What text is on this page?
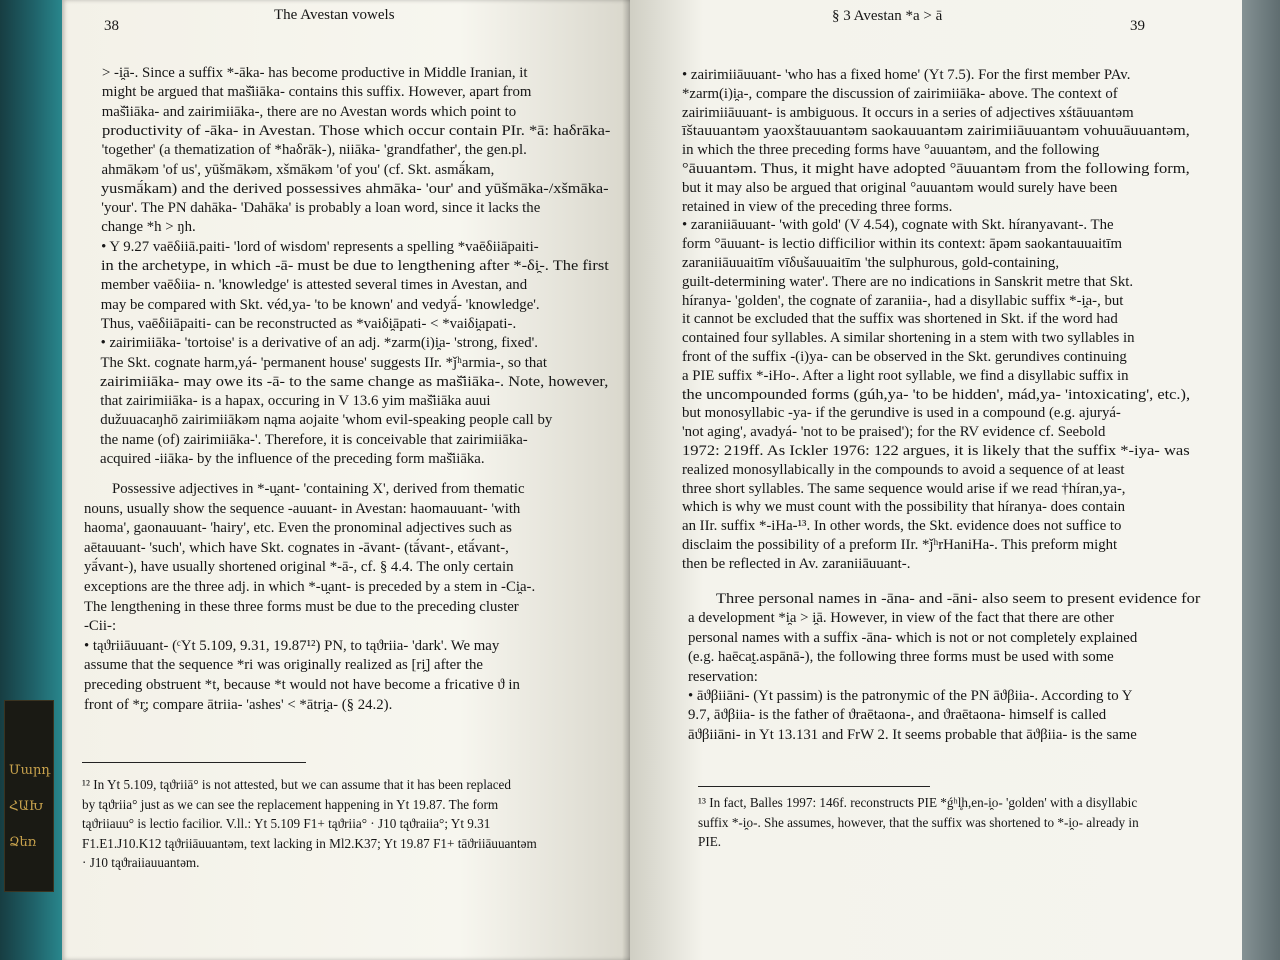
Մարդ
ՀԱԽ
Ձեռ
38
The Avestan vowels
> -i̯ā-. Since a suffix *-āka- has become productive in Middle Iranian, it
might be argued that maš̌iiāka- contains this suffix. However, apart from
maš̌iiāka- and zairimiiāka-, there are no Avestan words which point to
productivity of -āka- in Avestan. Those which occur contain PIr. *ā: haδrāka-
'together' (a thematization of *haδrāk-), niiāka- 'grandfather', the gen.pl.
ahmākəm 'of us', yūšmākəm, xšmākəm 'of you' (cf. Skt. asmā́kam,
yusmā́kam) and the derived possessives ahmāka- 'our' and yūšmāka-/xšmāka-
'your'. The PN dahāka- 'Dahāka' is probably a loan word, since it lacks the
change *h > ŋh.
• Y 9.27 vaēδiiā.paiti- 'lord of wisdom' represents a spelling *vaēδiiāpaiti-
in the archetype, in which -ā- must be due to lengthening after *-δi̯-. The first
member vaēδiia- n. 'knowledge' is attested several times in Avestan, and
may be compared with Skt. véd,ya- 'to be known' and vedyā́- 'knowledge'.
Thus, vaēδiiāpaiti- can be reconstructed as *vaiδi̯āpati- < *vaiδi̯apati-.
• zairimiiāka- 'tortoise' is a derivative of an adj. *zarm(i)i̯a- 'strong, fixed'.
The Skt. cognate harm,yá- 'permanent house' suggests IIr. *ǰʰarmia-, so that
zairimiiāka- may owe its -ā- to the same change as maš̌iiāka-. Note, however,
that zairimiiāka- is a hapax, occuring in V 13.6 yim maš̌iiāka auui
dužuuacaŋhō zairimiiākəm nąma aojaite 'whom evil-speaking people call by
the name (of) zairimiiāka-'. Therefore, it is conceivable that zairimiiāka-
acquired -iiāka- by the influence of the preceding form maš̌iiāka.
Possessive adjectives in *-u̯ant- 'containing X', derived from thematic
nouns, usually show the sequence -auuant- in Avestan: haomauuant- 'with
haoma', gaonauuant- 'hairy', etc. Even the pronominal adjectives such as
aētauuant- 'such', which have Skt. cognates in -āvant- (tā́vant-, etā́vant-,
yā́vant-), have usually shortened original *-ā-, cf. § 4.4. The only certain
exceptions are the three adj. in which *-u̯ant- is preceded by a stem in -Ci̯a-.
The lengthening in these three forms must be due to the preceding cluster
-Cii-:
• tąϑriiāuuant- (ᶜYt 5.109, 9.31, 19.87¹²) PN, to tąϑriia- 'dark'. We may
assume that the sequence *ri was originally realized as [ri̯] after the
preceding obstruent *t, because *t would not have become a fricative ϑ in
front of *r̥; compare ātriia- 'ashes' < *ātri̯a- (§ 24.2).
¹² In Yt 5.109, tąϑriiā° is not attested, but we can assume that it has been replaced
by tąϑriia° just as we can see the replacement happening in Yt 19.87. The form
tąϑriiauu° is lectio facilior. V.ll.: Yt 5.109 F1+ tąϑriia° · J10 tąϑraiia°; Yt 9.31
F1.E1.J10.K12 tąϑriiāuuantəm, text lacking in Ml2.K37; Yt 19.87 F1+ tāϑriiāuuantəm
· J10 tąϑraiiauuantəm.
§ 3 Avestan *a > ā
39
• zairimiiāuuant- 'who has a fixed home' (Yt 7.5). For the first member PAv.
*zarm(i)i̯a-, compare the discussion of zairimiiāka- above. The context of
zairimiiāuuant- is ambiguous. It occurs in a series of adjectives xśtāuuantəm
īštauuantəm yaoxštauuantəm saokauuantəm zairimiiāuuantəm vohuuāuuantəm,
in which the three preceding forms have °auuantəm, and the following
°āuuantəm. Thus, it might have adopted °āuuantəm from the following form,
but it may also be argued that original °auuantəm would surely have been
retained in view of the preceding three forms.
• zaraniiāuuant- 'with gold' (V 4.54), cognate with Skt. híranyavant-. The
form °āuuant- is lectio difficilior within its context: āpəm saokantauuaitīm
zaraniiāuuaitīm vīδušauuaitīm 'the sulphurous, gold-containing,
guilt-determining water'. There are no indications in Sanskrit metre that Skt.
híranya- 'golden', the cognate of zaraniia-, had a disyllabic suffix *-i̯a-, but
it cannot be excluded that the suffix was shortened in Skt. if the word had
contained four syllables. A similar shortening in a stem with two syllables in
front of the suffix -(i)ya- can be observed in the Skt. gerundives continuing
a PIE suffix *-iHo-. After a light root syllable, we find a disyllabic suffix in
the uncompounded forms (gúh,ya- 'to be hidden', mád,ya- 'intoxicating', etc.),
but monosyllabic -ya- if the gerundive is used in a compound (e.g. ajuryá-
'not aging', avadyá- 'not to be praised'); for the RV evidence cf. Seebold
1972: 219ff. As Ickler 1976: 122 argues, it is likely that the suffix *-iya- was
realized monosyllabically in the compounds to avoid a sequence of at least
three short syllables. The same sequence would arise if we read †híran,ya-,
which is why we must count with the possibility that híranya- does contain
an IIr. suffix *-iHa-¹³. In other words, the Skt. evidence does not suffice to
disclaim the possibility of a preform IIr. *ǰʰrHaniHa-. This preform might
then be reflected in Av. zaraniiāuuant-.
Three personal names in -āna- and -āni- also seem to present evidence for
a development *i̯a > i̯ā. However, in view of the fact that there are other
personal names with a suffix -āna- which is not or not completely explained
(e.g. haēcat̰.aspānā-), the following three forms must be used with some
reservation:
• āϑβiiāni- (Yt passim) is the patronymic of the PN āϑβiia-. According to Y
9.7, āϑβiia- is the father of ϑraētaona-, and ϑraētaona- himself is called
āϑβiiāni- in Yt 13.131 and FrW 2. It seems probable that āϑβiia- is the same
¹³ In fact, Balles 1997: 146f. reconstructs PIE *ǵʰl̥h,en-i̯o- 'golden' with a disyllabic
suffix *-i̯o-. She assumes, however, that the suffix was shortened to *-i̯o- already in
PIE.
